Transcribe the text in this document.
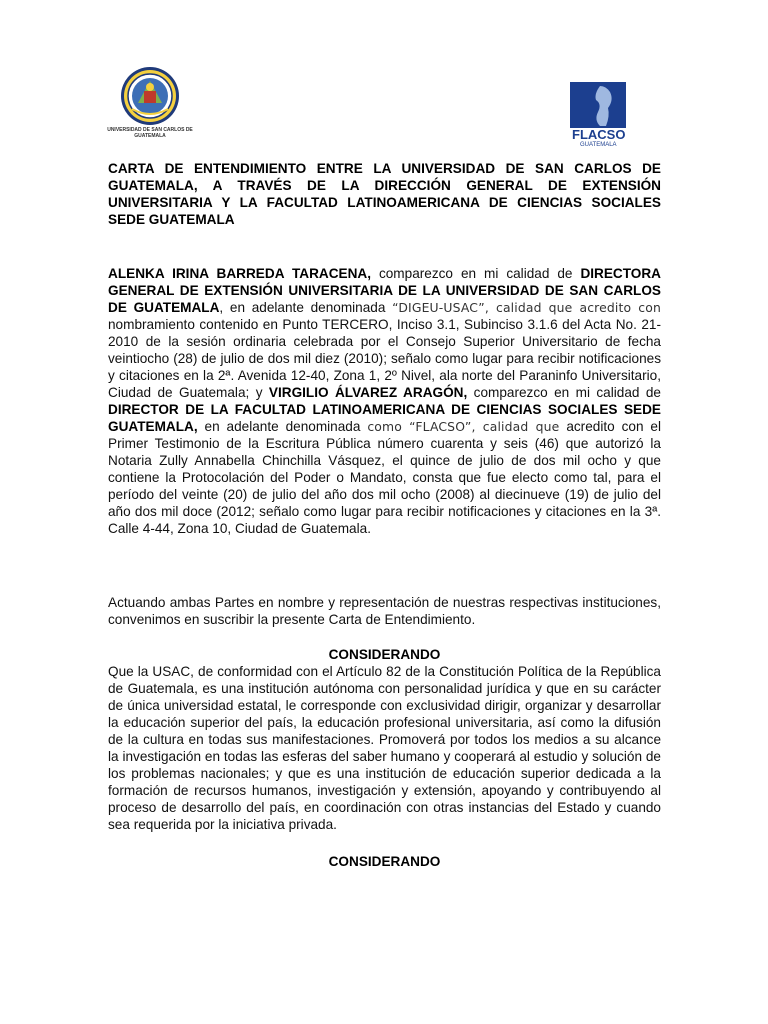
UNIVERSIDAD DE SAN CARLOS DE GUATEMALA	FLACSO
GUATEMALA

CARTA DE ENTENDIMIENTO ENTRE LA UNIVERSIDAD DE SAN CARLOS DE GUATEMALA, A TRAVÉS DE LA DIRECCIÓN GENERAL DE EXTENSIÓN UNIVERSITARIA Y LA FACULTAD LATINOAMERICANA DE CIENCIAS SOCIALES SEDE GUATEMALA

ALENKA IRINA BARREDA TARACENA, comparezco en mi calidad de DIRECTORA GENERAL DE EXTENSIÓN UNIVERSITARIA DE LA UNIVERSIDAD DE SAN CARLOS DE GUATEMALA, en adelante denominada “DIGEU-USAC”, calidad que acredito con nombramiento contenido en Punto TERCERO, Inciso 3.1, Subinciso 3.1.6 del Acta No. 21-2010 de la sesión ordinaria celebrada por el Consejo Superior Universitario de fecha veintiocho (28) de julio de dos mil diez (2010); señalo como lugar para recibir notificaciones y citaciones en la 2ª. Avenida 12-40, Zona 1, 2º Nivel, ala norte del Paraninfo Universitario, Ciudad de Guatemala; y VIRGILIO ÁLVAREZ ARAGÓN, comparezco en mi calidad de DIRECTOR DE LA FACULTAD LATINOAMERICANA DE CIENCIAS SOCIALES SEDE GUATEMALA, en adelante denominada como “FLACSO”, calidad que acredito con el Primer Testimonio de la Escritura Pública número cuarenta y seis (46) que autorizó la Notaria Zully Annabella Chinchilla Vásquez, el quince de julio de dos mil ocho y que contiene la Protocolación del Poder o Mandato, consta que fue electo como tal, para el período del veinte (20) de julio del año dos mil ocho (2008) al diecinueve (19) de julio del año dos mil doce (2012; señalo como lugar para recibir notificaciones y citaciones en la 3ª. Calle 4-44, Zona 10, Ciudad de Guatemala.

Actuando ambas Partes en nombre y representación de nuestras respectivas instituciones, convenimos en suscribir la presente Carta de Entendimiento.

CONSIDERANDO

Que la USAC, de conformidad con el Artículo 82 de la Constitución Política de la República de Guatemala, es una institución autónoma con personalidad jurídica y que en su carácter de única universidad estatal, le corresponde con exclusividad dirigir, organizar y desarrollar la educación superior del país, la educación profesional universitaria, así como la difusión de la cultura en todas sus manifestaciones. Promoverá por todos los medios a su alcance la investigación en todas las esferas del saber humano y cooperará al estudio y solución de los problemas nacionales; y que es una institución de educación superior dedicada a la formación de recursos humanos, investigación y extensión, apoyando y contribuyendo al proceso de desarrollo del país, en coordinación con otras instancias del Estado y cuando sea requerida por la iniciativa privada.

CONSIDERANDO
